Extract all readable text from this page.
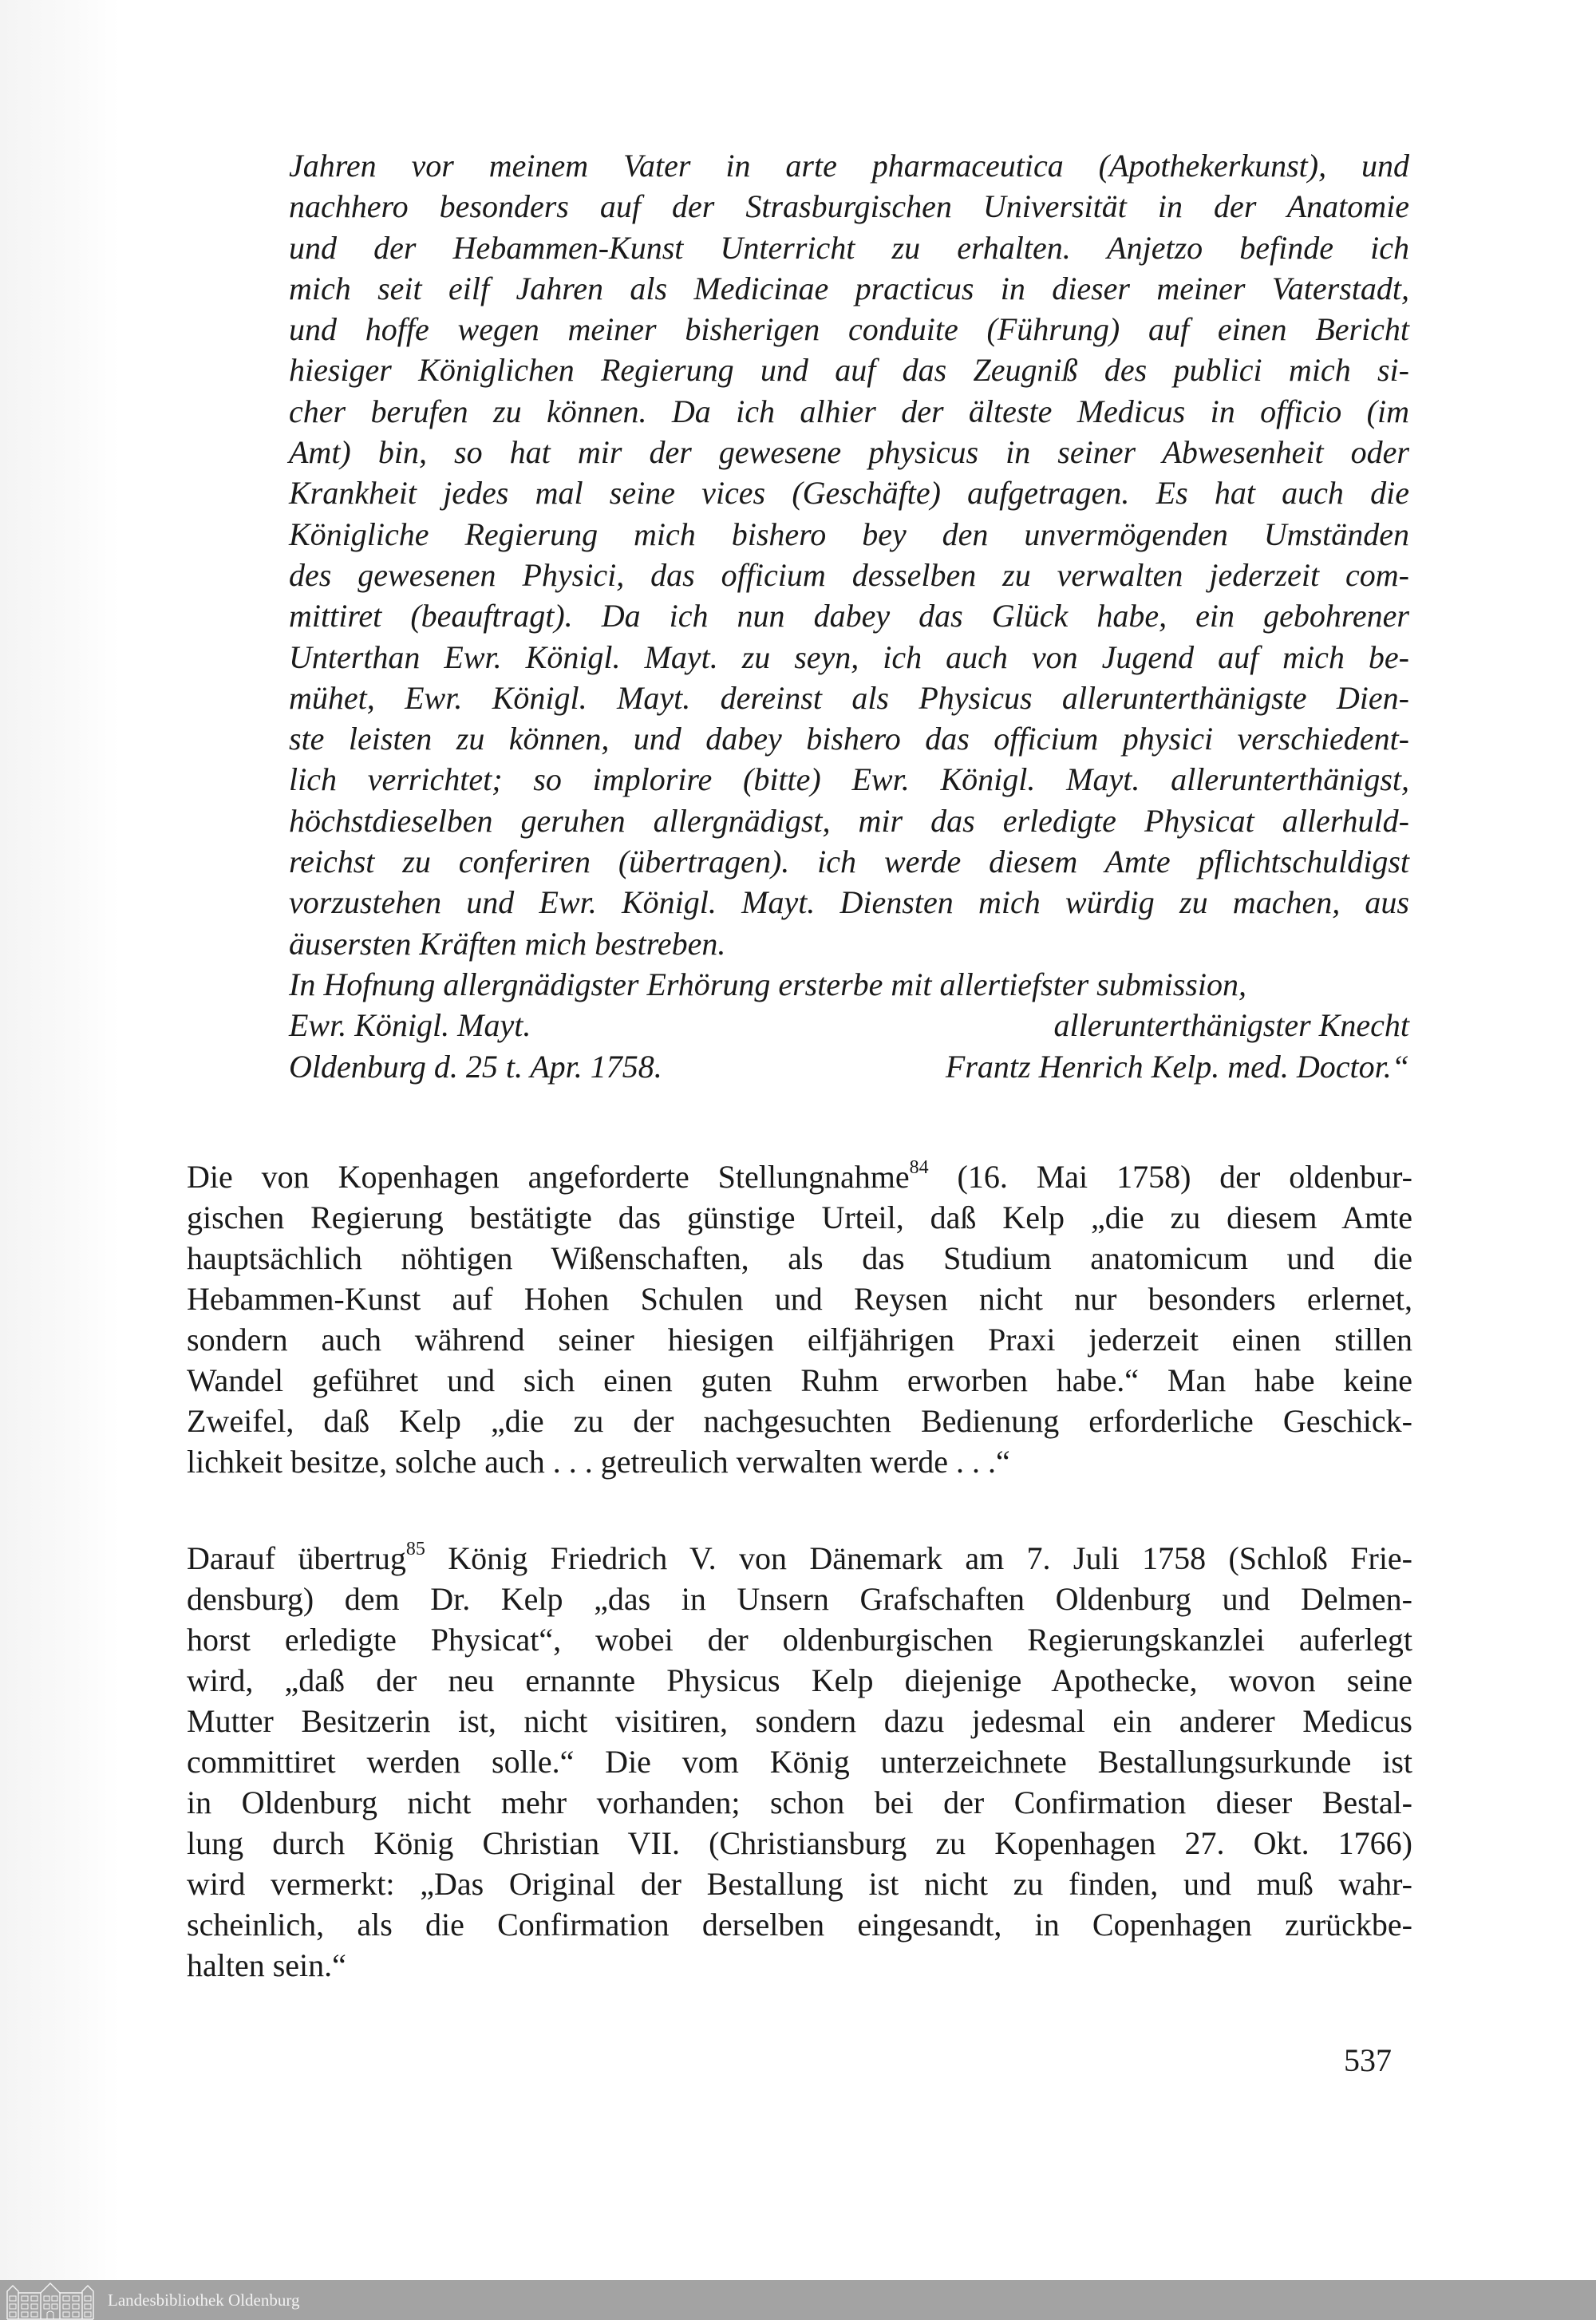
Jahren vor meinem Vater in arte pharmaceutica (Apothekerkunst), und
nachhero besonders auf der Strasburgischen Universität in der Anatomie
und der Hebammen-Kunst Unterricht zu erhalten. Anjetzo befinde ich
mich seit eilf Jahren als Medicinae practicus in dieser meiner Vaterstadt,
und hoffe wegen meiner bisherigen conduite (Führung) auf einen Bericht
hiesiger Königlichen Regierung und auf das Zeugniß des publici mich si-
cher berufen zu können. Da ich alhier der älteste Medicus in officio (im
Amt) bin, so hat mir der gewesene physicus in seiner Abwesenheit oder
Krankheit jedes mal seine vices (Geschäfte) aufgetragen. Es hat auch die
Königliche Regierung mich bishero bey den unvermögenden Umständen
des gewesenen Physici, das officium desselben zu verwalten jederzeit com-
mittiret (beauftragt). Da ich nun dabey das Glück habe, ein gebohrener
Unterthan Ewr. Königl. Mayt. zu seyn, ich auch von Jugend auf mich be-
mühet, Ewr. Königl. Mayt. dereinst als Physicus allerunterthänigste Dien-
ste leisten zu können, und dabey bishero das officium physici verschiedent-
lich verrichtet; so implorire (bitte) Ewr. Königl. Mayt. allerunterthänigst,
höchstdieselben geruhen allergnädigst, mir das erledigte Physicat allerhuld-
reichst zu conferiren (übertragen). ich werde diesem Amte pflichtschuldigst
vorzustehen und Ewr. Königl. Mayt. Diensten mich würdig zu machen, aus
äusersten Kräften mich bestreben.
In Hofnung allergnädigster Erhörung ersterbe mit allertiefster submission,
Ewr. Königl. Mayt.	allerunterthänigster Knecht
Oldenburg d. 25 t. Apr. 1758.	Frantz Henrich Kelp. med. Doctor.“
Die von Kopenhagen angeforderte Stellungnahme$^{84}$ (16. Mai 1758) der oldenbur-
gischen Regierung bestätigte das günstige Urteil, daß Kelp „die zu diesem Amte
hauptsächlich nöhtigen Wißenschaften, als das Studium anatomicum und die
Hebammen-Kunst auf Hohen Schulen und Reysen nicht nur besonders erlernet,
sondern auch während seiner hiesigen eilfjährigen Praxi jederzeit einen stillen
Wandel geführet und sich einen guten Ruhm erworben habe.“ Man habe keine
Zweifel, daß Kelp „die zu der nachgesuchten Bedienung erforderliche Geschick-
lichkeit besitze, solche auch . . . getreulich verwalten werde . . .“
Darauf übertrug$^{85}$ König Friedrich V. von Dänemark am 7. Juli 1758 (Schloß Frie-
densburg) dem Dr. Kelp „das in Unsern Grafschaften Oldenburg und Delmen-
horst erledigte Physicat“, wobei der oldenburgischen Regierungskanzlei auferlegt
wird, „daß der neu ernannte Physicus Kelp diejenige Apothecke, wovon seine
Mutter Besitzerin ist, nicht visitiren, sondern dazu jedesmal ein anderer Medicus
committiret werden solle.“ Die vom König unterzeichnete Bestallungsurkunde ist
in Oldenburg nicht mehr vorhanden; schon bei der Confirmation dieser Bestal-
lung durch König Christian VII. (Christiansburg zu Kopenhagen 27. Okt. 1766)
wird vermerkt: „Das Original der Bestallung ist nicht zu finden, und muß wahr-
scheinlich, als die Confirmation derselben eingesandt, in Copenhagen zurückbe-
halten sein.“
537
Landesbibliothek Oldenburg
